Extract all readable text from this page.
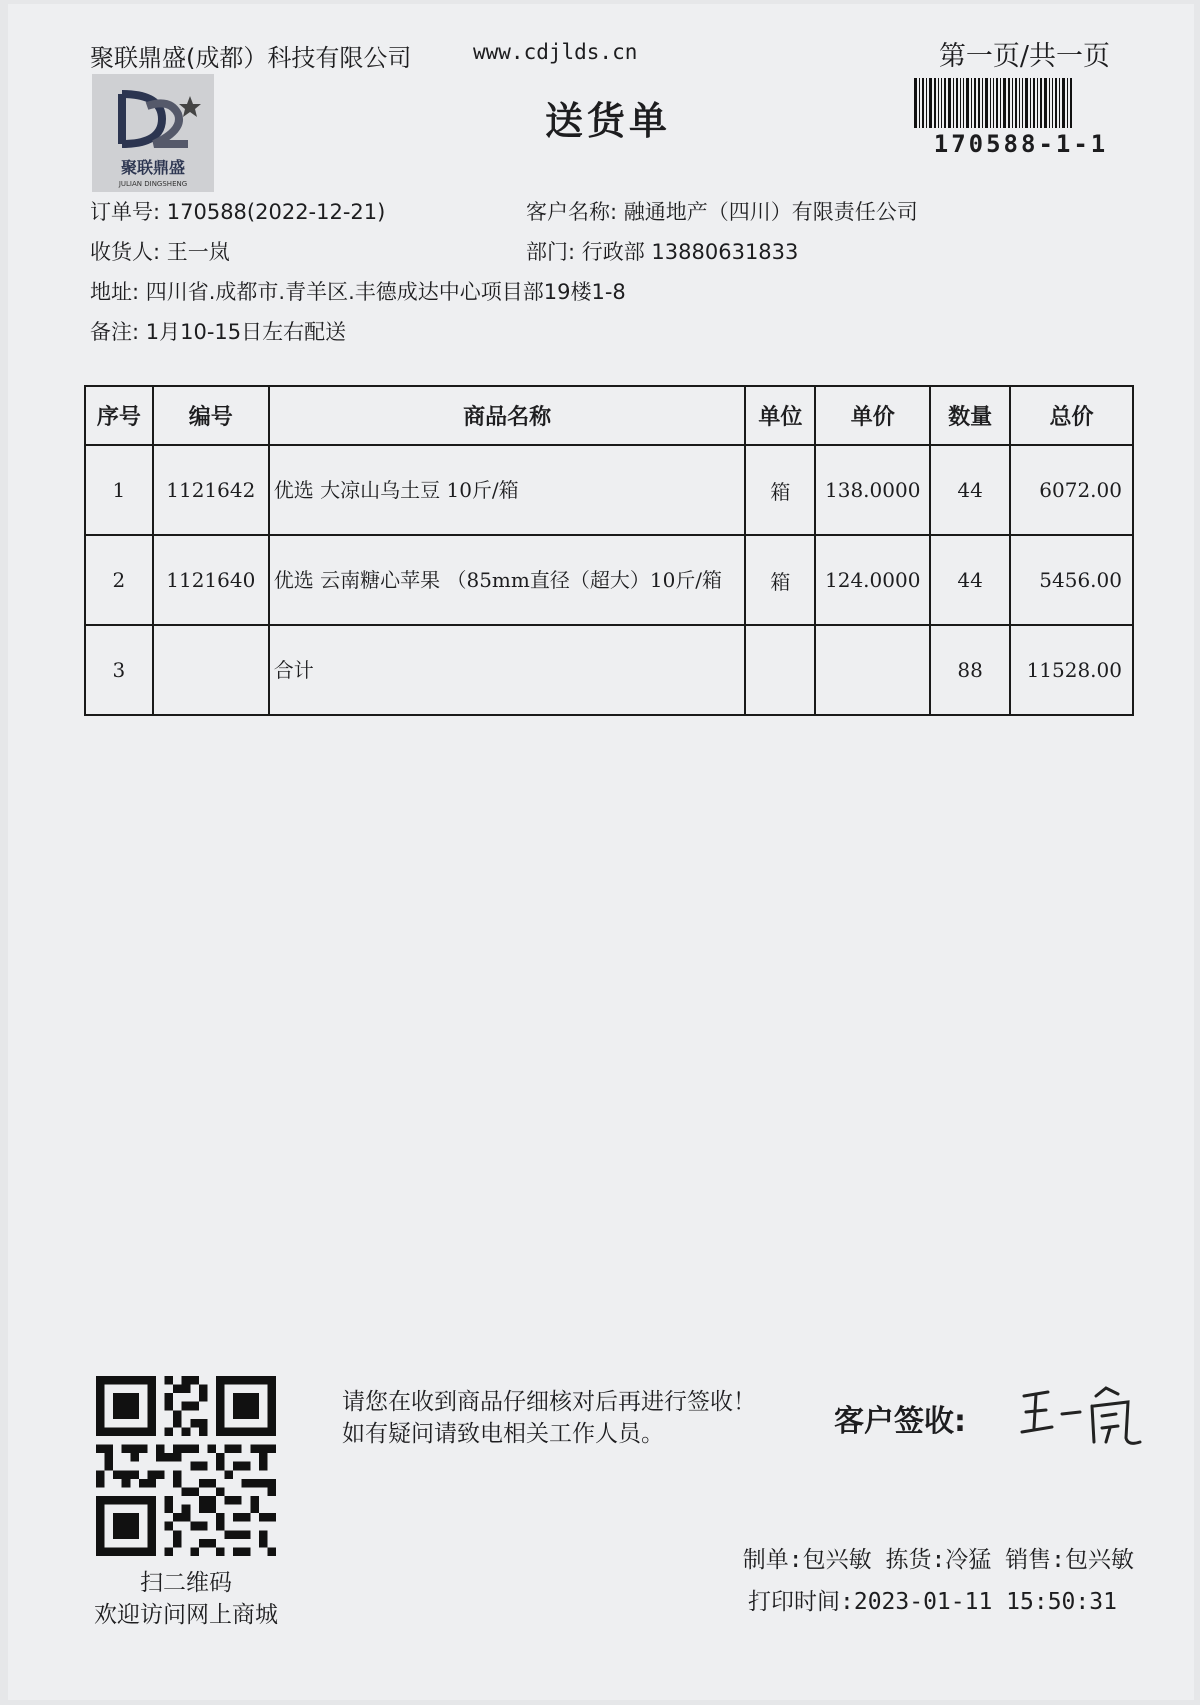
聚联鼎盛(成都）科技有限公司	www.cdjlds.cn	第一页/共一页
聚联鼎盛
JULIAN DINGSHENG
送货单
170588-1-1
订单号: 170588(2022-12-21)	客户名称: 融通地产（四川）有限责任公司
收货人: 王一岚	部门: 行政部 13880631833
地址: 四川省.成都市.青羊区.丰德成达中心项目部19楼1-8
备注: 1月10-15日左右配送
序号	编号	商品名称	单位	单价	数量	总价
1	1121642	优选 大凉山乌土豆 10斤/箱	箱	138.0000	44	6072.00
2	1121640	优选 云南糖心苹果 （85mm直径（超大）10斤/箱	箱	124.0000	44	5456.00
3		合计			88	11528.00
扫二维码
欢迎访问网上商城
请您在收到商品仔细核对后再进行签收！如有疑问请致电相关工作人员。	客户签收:
制单:包兴敏 拣货:冷猛 销售:包兴敏
打印时间:2023-01-11 15:50:31
